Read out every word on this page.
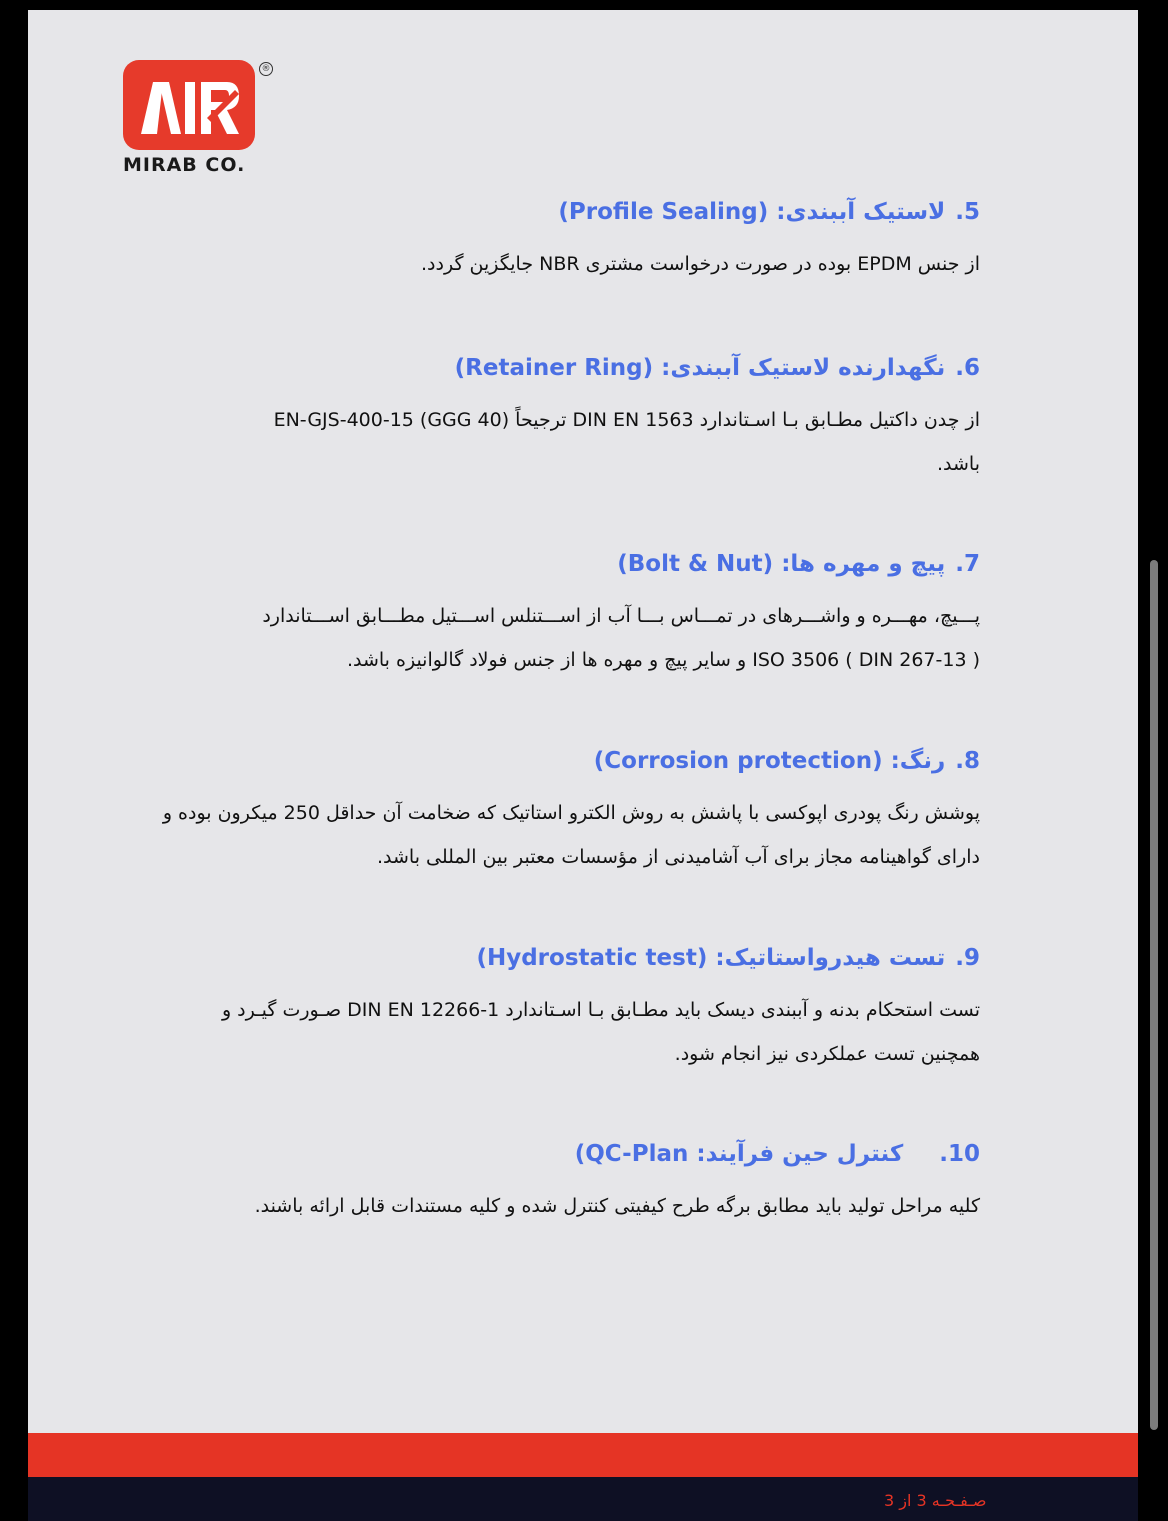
®
MIRAB CO.
5.لاستیک آببندی: (Profile Sealing)
از جنس EPDM بوده در صورت درخواست مشتری NBR جایگزین گردد.
6.نگهدارنده لاستیک آببندی: (Retainer Ring)
از چدن داکتیل مطـابق بـا اسـتاندارد DIN EN 1563 ترجیحاً (GGG 40) EN-GJS-400-15
باشد.
7.پیچ و مهره ها: (Bolt & Nut)
پـــیچ، مهـــره و واشـــرهای در تمـــاس بـــا آب از اســـتنلس اســـتیل مطـــابق اســـتاندارد
( DIN 267-13 ) ISO 3506 و سایر پیچ و مهره ها از جنس فولاد گالوانیزه باشد.
8.رنگ: (Corrosion protection)
پوشش رنگ پودری اپوکسی با پاشش به روش الکترو استاتیک که ضخامت آن حداقل 250 میکرون بوده و
دارای گواهینامه مجاز برای آب آشامیدنی از مؤسسات معتبر بین المللی باشد.
9.تست هیدرواستاتیک: (Hydrostatic test)
تست استحکام بدنه و آببندی دیسک باید مطـابق بـا اسـتاندارد DIN EN 12266-1 صـورت گیـرد و
همچنین تست عملکردی نیز انجام شود.
10.کنترل حین فرآیند: (QC-Plan
کلیه مراحل تولید باید مطابق برگه طرح کیفیتی کنترل شده و کلیه مستندات قابل ارائه باشند.
صـفـحـه 3 از 3
